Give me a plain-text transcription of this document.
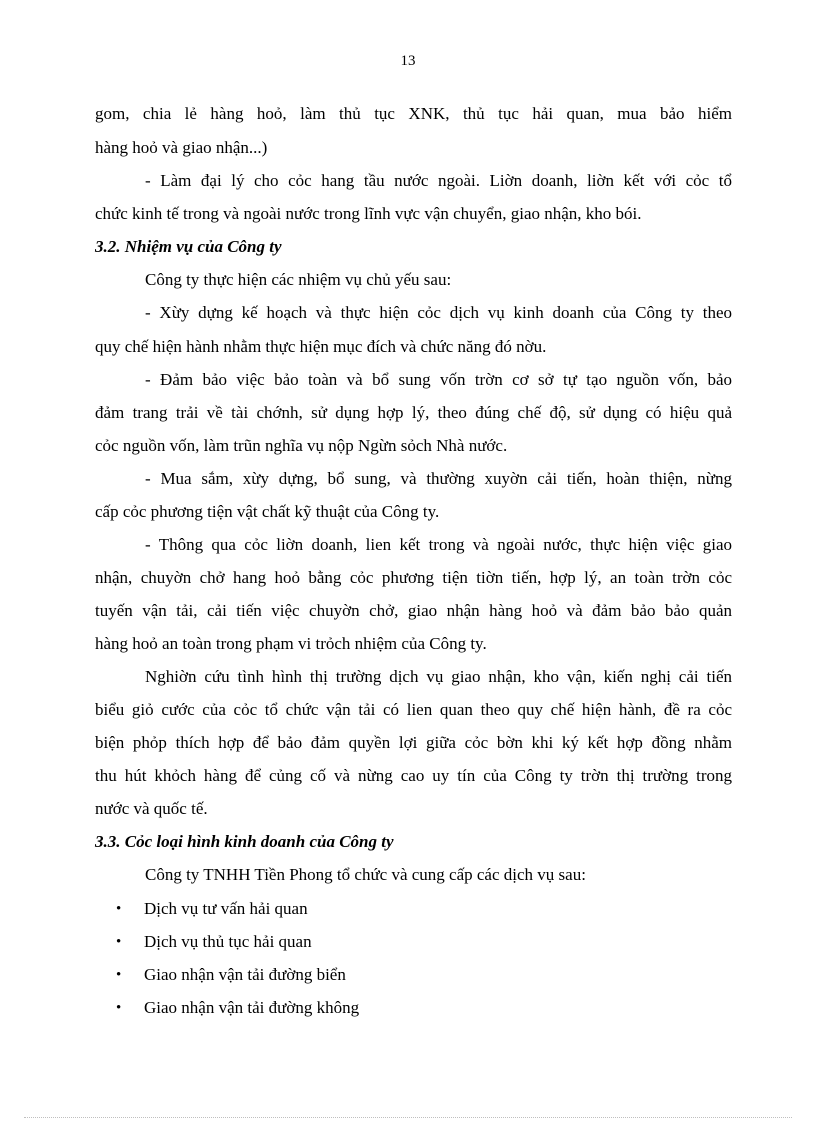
13
gom, chia lẻ hàng hoỏ, làm thủ tục XNK, thủ tục hải quan, mua bảo hiểm
hàng hoỏ và giao nhận...)
- Làm đại lý cho cỏc hang tầu nước ngoài. Liờn doanh, liờn kết với cỏc tổ
chức kinh tế trong và ngoài nước trong lĩnh vực vận chuyển, giao nhận, kho bói.
3.2. Nhiệm vụ của Công ty
Công ty thực hiện các nhiệm vụ chủ yếu sau:
- Xừy dựng kế hoạch và thực hiện cỏc dịch vụ kinh doanh của Công ty theo
quy chế hiện hành nhằm thực hiện mục đích và chức năng đó nờu.
- Đảm bảo việc bảo toàn và bổ sung vốn trờn cơ sở tự tạo nguồn vốn, bảo
đảm trang trải về tài chớnh, sử dụng hợp lý, theo đúng chế độ, sử dụng có hiệu quả
cỏc nguồn vốn, làm trũn nghĩa vụ nộp Ngừn sỏch Nhà nước.
- Mua sắm, xừy dựng, bổ sung, và thường xuyờn cải tiến, hoàn thiện, nừng
cấp cỏc phương tiện vật chất kỹ thuật của Công ty.
- Thông qua cỏc liờn doanh, lien kết trong và ngoài nước, thực hiện việc giao
nhận, chuyờn chở hang hoỏ bằng cỏc phương tiện tiờn tiến, hợp lý, an toàn trờn cỏc
tuyến vận tải, cải tiến việc chuyờn chở, giao nhận hàng hoỏ và đảm bảo bảo quản
hàng hoỏ an toàn trong phạm vi trỏch nhiệm của Công ty.
Nghiờn cứu tình hình thị trường dịch vụ giao nhận, kho vận, kiến nghị cải tiến
biểu giỏ cước của cỏc tổ chức vận tải có lien quan theo quy chế hiện hành, đề ra cỏc
biện phỏp thích hợp để bảo đảm quyền lợi giữa cỏc bờn khi ký kết hợp đồng nhằm
thu hút khỏch hàng để củng cố và nừng cao uy tín của Công ty trờn thị trường trong
nước và quốc tế.
3.3. Cỏc loại hình kinh doanh của Công ty
Công ty TNHH Tiền Phong tổ chức và cung cấp các dịch vụ sau:
•	Dịch vụ tư vấn hải quan
•	Dịch vụ thủ tục hải quan
•	Giao nhận vận tải đường biển
•	Giao nhận vận tải đường không
